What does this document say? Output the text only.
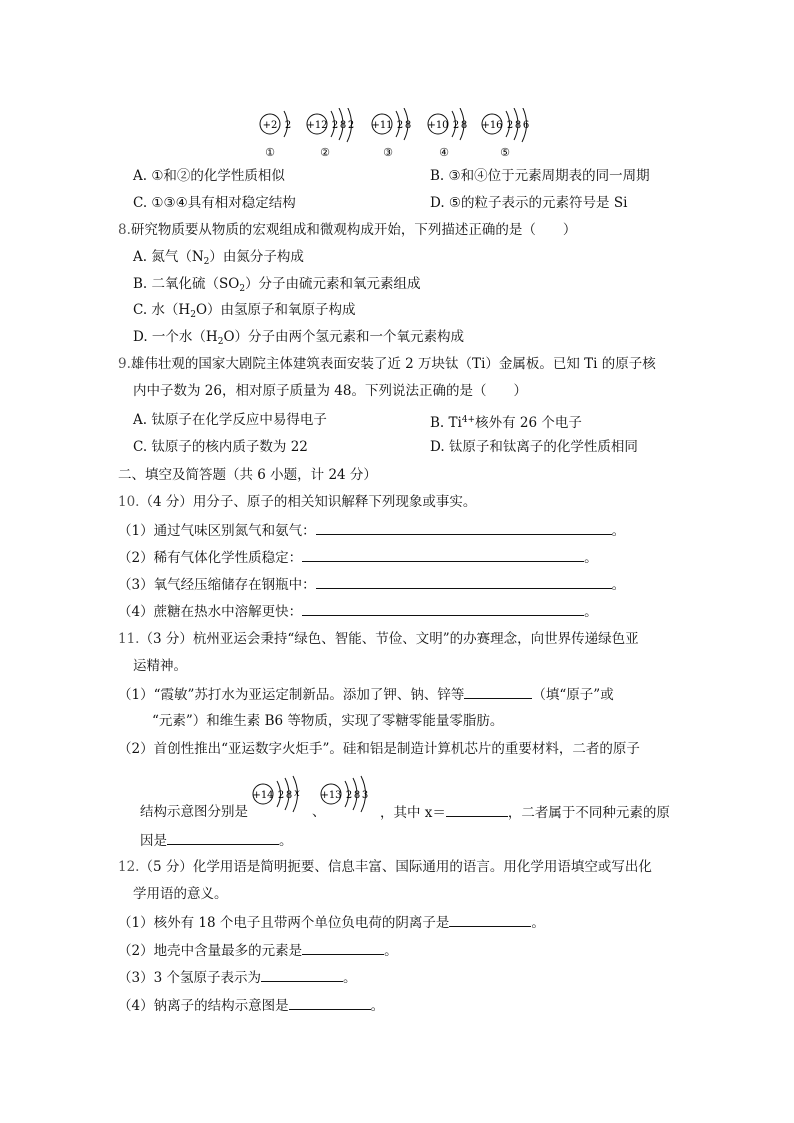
+2 2
①
+12 2 8 2
②
+11 2 8
③
+10 2 8
④
+16 2 8 6
⑤
A. ①和②的化学性质相似	B. ③和④位于元素周期表的同一周期
C. ①③④具有相对稳定结构	D. ⑤的粒子表示的元素符号是 Si
8.研究物质要从物质的宏观组成和微观构成开始，下列描述正确的是（　　）
A. 氮气$(N_2)$由氮分子构成
B. 二氧化硫$(SO_2)$分子由硫元素和氧元素组成
C. 水$(H_2O)$由氢原子和氧原子构成
D. 一个水$(H_2O)$分子由两个氢元素和一个氧元素构成
9.雄伟壮观的国家大剧院主体建筑表面安装了近 2 万块钛（Ti）金属板。已知 Ti 的原子核
内中子数为 26，相对原子质量为 48。下列说法正确的是（　　）
A. 钛原子在化学反应中易得电子	B. $Ti^{4+}$核外有 26 个电子
C. 钛原子的核内质子数为 22	D. 钛原子和钛离子的化学性质相同
二、填空及简答题（共 6 小题，计 24 分）
10.（4 分）用分子、原子的相关知识解释下列现象或事实。
（1）通过气味区别氮气和氨气：	。
（2）稀有气体化学性质稳定：	。
（3）氧气经压缩储存在钢瓶中：	。
（4）蔗糖在热水中溶解更快：	。
11.（3 分）杭州亚运会秉持“绿色、智能、节俭、文明”的办赛理念，向世界传递绿色亚
运精神。
（1）“霞敏”苏打水为亚运定制新品。添加了钾、钠、锌等	（填“原子”或
“元素”）和维生素 B6 等物质，实现了零糖零能量零脂肪。
（2）首创性推出“亚运数字火炬手”。硅和铝是制造计算机芯片的重要材料，二者的原子
结构示意图分别是
+14 2 8 x
、
+13 2 8 3
，其中 x＝	，二者属于不同种元素的原
因是	。
12.（5 分）化学用语是简明扼要、信息丰富、国际通用的语言。用化学用语填空或写出化
学用语的意义。
（1）核外有 18 个电子且带两个单位负电荷的阴离子是	。
（2）地壳中含量最多的元素是	。
（3）3 个氢原子表示为	。
（4）钠离子的结构示意图是	。
